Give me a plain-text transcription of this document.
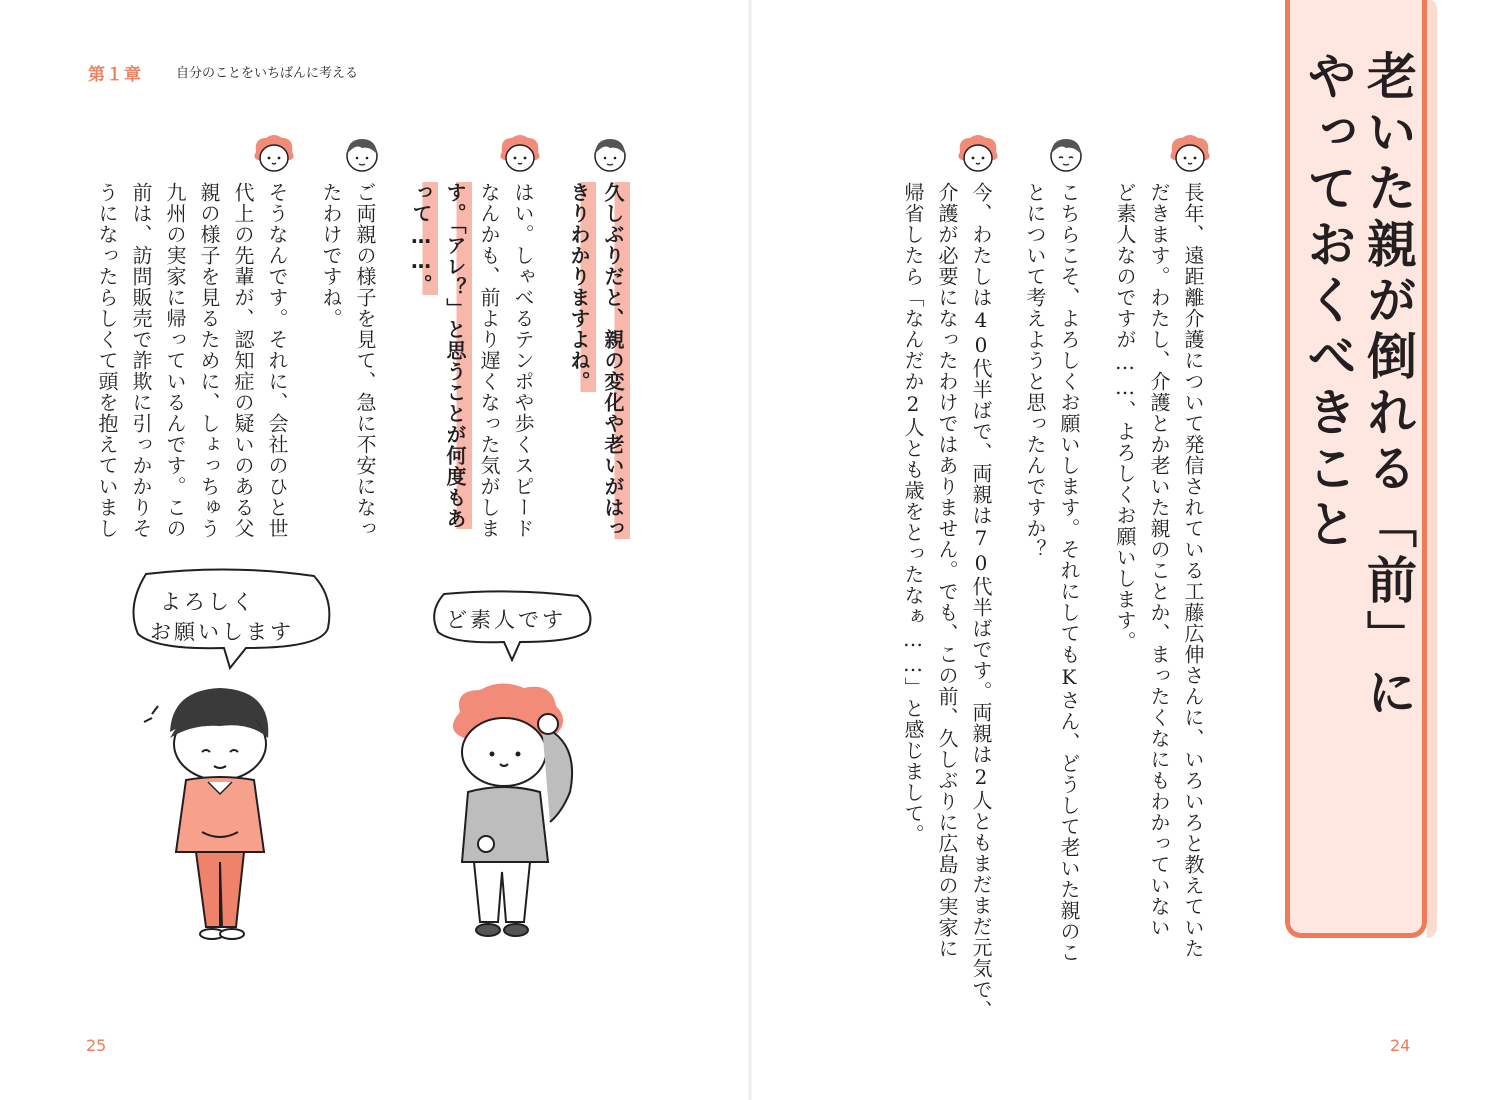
第１章	自分のことをいちばんに考える	老いた親が倒れる「前」に
やっておくべきこと

長年、遠距離介護について発信されている工藤広伸さんに、いろいろと教えていた

だきます。わたし、介護とか老いた親のことか、まったくなにもわかっていない

ど素人なのですが……、よろしくお願いします。

こちらこそ、よろしくお願いします。それにしてもKさん、どうして老いた親のこ

とについて考えようと思ったんですか？

今、わたしは40代半ばで、両親は70代半ばです。両親は2人ともまだまだ元気で、

介護が必要になったわけではありません。でも、この前、久しぶりに広島の実家に

帰省したら「なんだか2人とも歳をとったなぁ……」と感じまして。

久しぶりだと、親の変化や老いがはっ

きりわかりますよね。

はい。しゃべるテンポや歩くスピード

なんかも、前より遅くなった気がしま

す。「アレ？」と思うことが何度もあ

って……。

ご両親の様子を見て、急に不安になっ

たわけですね。

そうなんです。それに、会社のひと世

代上の先輩が、認知症の疑いのある父

親の様子を見るために、しょっちゅう

九州の実家に帰っているんです。この

前は、訪問販売で詐欺に引っかかりそ

うになったらしくて頭を抱えていまし

よろしく
お願いします	ど素人です
25	24
